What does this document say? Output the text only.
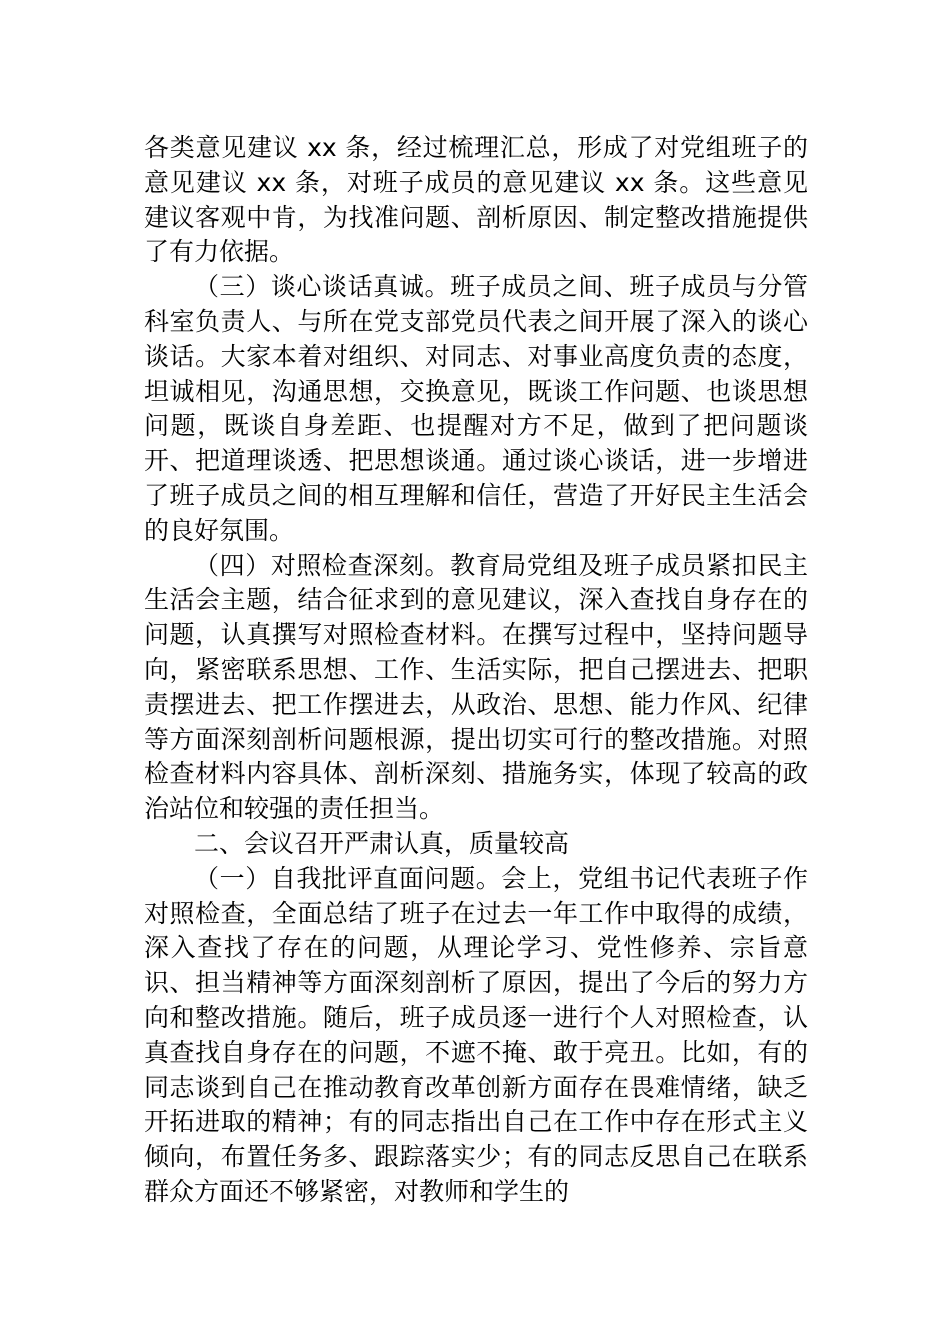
各类意见建议 xx 条，经过梳理汇总，形成了对党组班子的意见建议 xx 条，对班子成员的意见建议 xx 条。这些意见建议客观中肯，为找准问题、剖析原因、制定整改措施提供了有力依据。

（三）谈心谈话真诚。班子成员之间、班子成员与分管科室负责人、与所在党支部党员代表之间开展了深入的谈心谈话。大家本着对组织、对同志、对事业高度负责的态度，坦诚相见，沟通思想，交换意见，既谈工作问题、也谈思想问题，既谈自身差距、也提醒对方不足，做到了把问题谈开、把道理谈透、把思想谈通。通过谈心谈话，进一步增进了班子成员之间的相互理解和信任，营造了开好民主生活会的良好氛围。

（四）对照检查深刻。教育局党组及班子成员紧扣民主生活会主题，结合征求到的意见建议，深入查找自身存在的问题，认真撰写对照检查材料。在撰写过程中，坚持问题导向，紧密联系思想、工作、生活实际，把自己摆进去、把职责摆进去、把工作摆进去，从政治、思想、能力作风、纪律等方面深刻剖析问题根源，提出切实可行的整改措施。对照检查材料内容具体、剖析深刻、措施务实，体现了较高的政治站位和较强的责任担当。

二、会议召开严肃认真，质量较高

（一）自我批评直面问题。会上，党组书记代表班子作对照检查，全面总结了班子在过去一年工作中取得的成绩，深入查找了存在的问题，从理论学习、党性修养、宗旨意识、担当精神等方面深刻剖析了原因，提出了今后的努力方向和整改措施。随后，班子成员逐一进行个人对照检查，认真查找自身存在的问题，不遮不掩、敢于亮丑。比如，有的同志谈到自己在推动教育改革创新方面存在畏难情绪，缺乏开拓进取的精神；有的同志指出自己在工作中存在形式主义倾向，布置任务多、跟踪落实少；有的同志反思自己在联系群众方面还不够紧密，对教师和学生的
